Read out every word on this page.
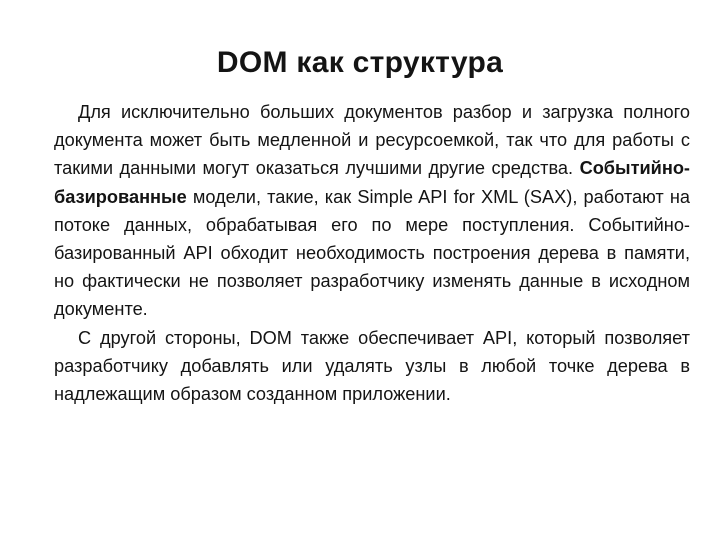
DOM как структура

Для исключительно больших документов разбор и загрузка полного документа может быть медленной и ресурсоемкой, так что для работы с такими данными могут оказаться лучшими другие средства. Событийно-базированные модели, такие, как Simple API for XML (SAX), работают на потоке данных, обрабатывая его по мере поступления. Событийно-базированный API обходит необходимость построения дерева в памяти, но фактически не позволяет разработчику изменять данные в исходном документе.

С другой стороны, DOM также обеспечивает API, который позволяет разработчику добавлять или удалять узлы в любой точке дерева в надлежащим образом созданном приложении.
